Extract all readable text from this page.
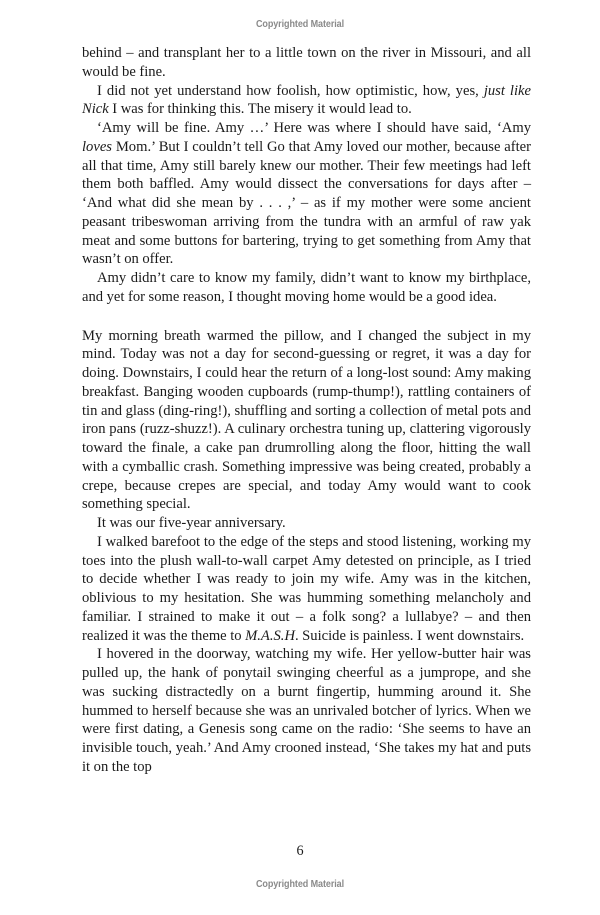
Copyrighted Material

behind – and transplant her to a little town on the river in Missouri, and all would be fine.

I did not yet understand how foolish, how optimistic, how, yes, just like Nick I was for thinking this. The misery it would lead to.

‘Amy will be fine. Amy …’ Here was where I should have said, ‘Amy loves Mom.’ But I couldn’t tell Go that Amy loved our mother, because after all that time, Amy still barely knew our mother. Their few meetings had left them both baffled. Amy would dissect the conversations for days after – ‘And what did she mean by . . . ,’ – as if my mother were some ancient peasant tribeswoman arriving from the tundra with an armful of raw yak meat and some buttons for bartering, trying to get something from Amy that wasn’t on offer.

Amy didn’t care to know my family, didn’t want to know my birthplace, and yet for some reason, I thought moving home would be a good idea.

My morning breath warmed the pillow, and I changed the subject in my mind. Today was not a day for second-guessing or regret, it was a day for doing. Downstairs, I could hear the return of a long-lost sound: Amy making breakfast. Banging wooden cupboards (rump-thump!), rattling containers of tin and glass (ding-ring!), shuffling and sorting a collection of metal pots and iron pans (ruzz-shuzz!). A culinary orchestra tuning up, clattering vigorously toward the finale, a cake pan drumrolling along the floor, hitting the wall with a cymballic crash. Something impressive was being created, probably a crepe, because crepes are special, and today Amy would want to cook something special.

It was our five-year anniversary.

I walked barefoot to the edge of the steps and stood listening, working my toes into the plush wall-to-wall carpet Amy detested on principle, as I tried to decide whether I was ready to join my wife. Amy was in the kitchen, oblivious to my hesitation. She was humming something melancholy and familiar. I strained to make it out – a folk song? a lullabye? – and then realized it was the theme to M.A.S.H. Suicide is painless. I went downstairs.

I hovered in the doorway, watching my wife. Her yellow-butter hair was pulled up, the hank of ponytail swinging cheerful as a jumprope, and she was sucking distractedly on a burnt fingertip, humming around it. She hummed to herself because she was an unrivaled botcher of lyrics. When we were first dating, a Genesis song came on the radio: ‘She seems to have an invisible touch, yeah.’ And Amy crooned instead, ‘She takes my hat and puts it on the top

6
Copyrighted Material
